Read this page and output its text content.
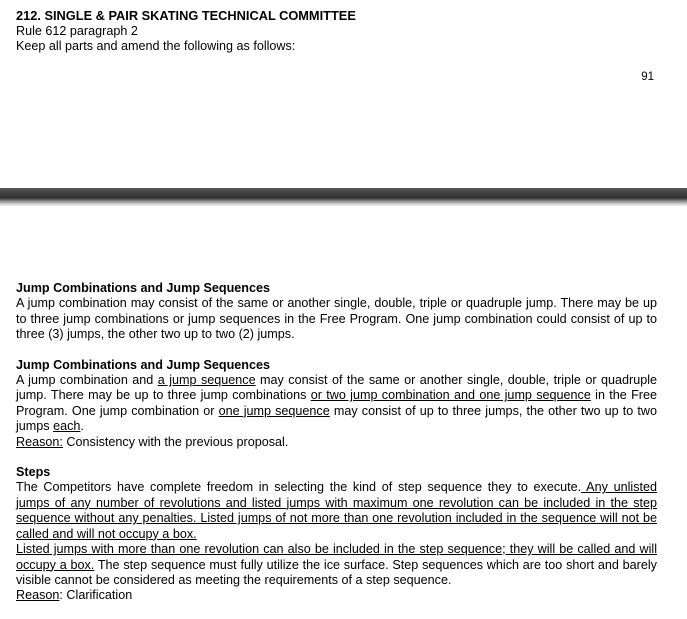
212. SINGLE & PAIR SKATING TECHNICAL COMMITTEE
Rule 612 paragraph 2
Keep all parts and amend the following as follows:
91
Jump Combinations and Jump Sequences
A jump combination may consist of the same or another single, double, triple or quadruple jump. There may be up to three jump combinations or jump sequences in the Free Program. One jump combination could consist of up to three (3) jumps, the other two up to two (2) jumps.
Jump Combinations and Jump Sequences
A jump combination and a jump sequence may consist of the same or another single, double, triple or quadruple jump. There may be up to three jump combinations or two jump combination and one jump sequence in the Free Program. One jump combination or one jump sequence may consist of up to three jumps, the other two up to two jumps each.
Reason: Consistency with the previous proposal.
Steps
The Competitors have complete freedom in selecting the kind of step sequence they to execute. Any unlisted jumps of any number of revolutions and listed jumps with maximum one revolution can be included in the step sequence without any penalties. Listed jumps of not more than one revolution included in the sequence will not be called and will not occupy a box.
Listed jumps with more than one revolution can also be included in the step sequence; they will be called and will occupy a box. The step sequence must fully utilize the ice surface. Step sequences which are too short and barely visible cannot be considered as meeting the requirements of a step sequence.
Reason: Clarification
